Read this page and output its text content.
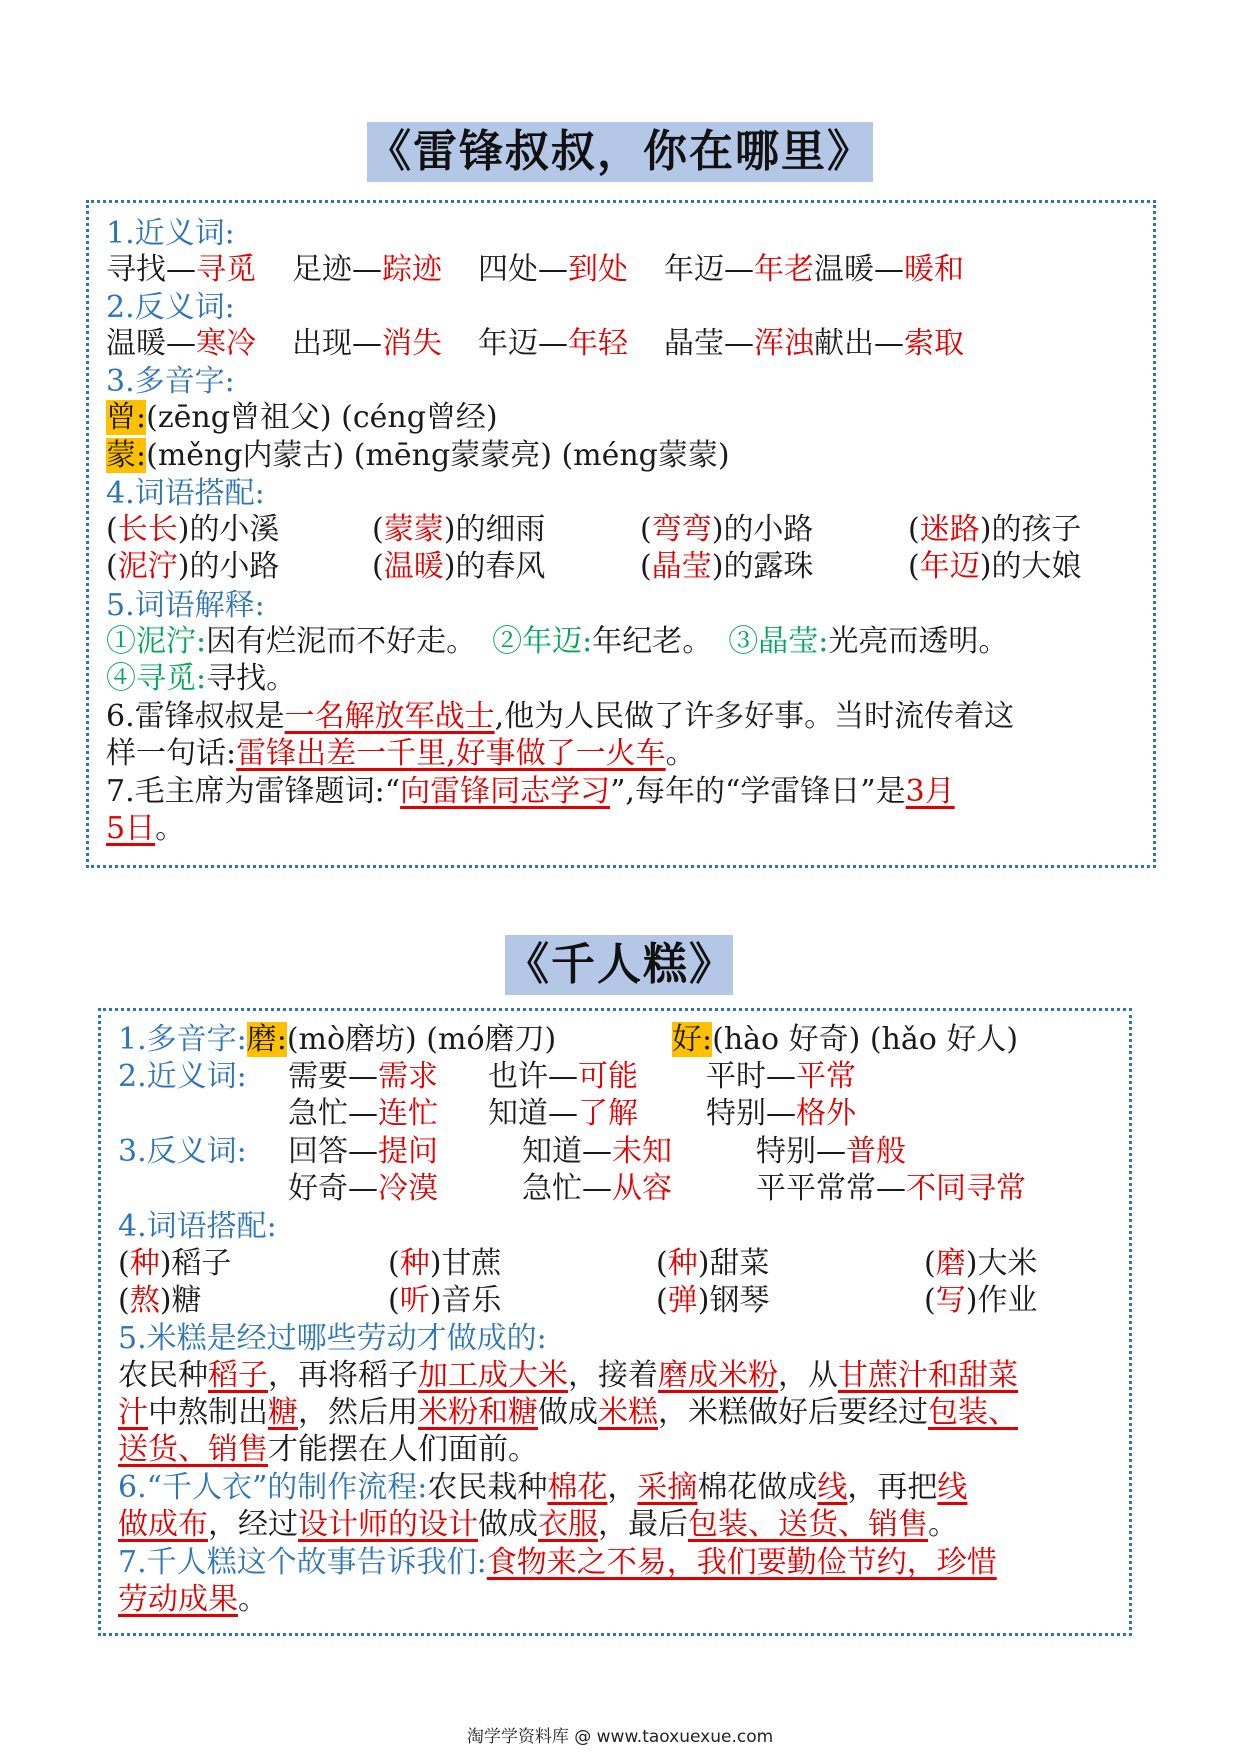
《雷锋叔叔，你在哪里》
1.近义词:
寻找—寻觅 足迹—踪迹 四处—到处 年迈—年老温暖—暖和
2.反义词:
温暖—寒冷 出现—消失 年迈—年轻 晶莹—浑浊献出—索取
3.多音字:
曾:(zēng曾祖父) (céng曾经)
蒙:(měng内蒙古) (mēng蒙蒙亮) (méng蒙蒙)
4.词语搭配:
(长长)的小溪	(蒙蒙)的细雨	(弯弯)的小路	(迷路)的孩子
(泥泞)的小路	(温暖)的春风	(晶莹)的露珠	(年迈)的大娘
5.词语解释:
①泥泞:因有烂泥而不好走。 ②年迈:年纪老。 ③晶莹:光亮而透明。
④寻觅:寻找。
6.雷锋叔叔是一名解放军战士,他为人民做了许多好事。当时流传着这
样一句话:雷锋出差一千里,好事做了一火车。
7.毛主席为雷锋题词:“向雷锋同志学习”,每年的“学雷锋日”是3月
5日。
《千人糕》
1.多音字:磨:(mò磨坊) (mó磨刀)	好:(hào 好奇) (hǎo 好人)
2.近义词: 需要—需求 也许—可能 平时—平常
急忙—连忙 知道—了解 特别—格外
3.反义词: 回答—提问	知道—未知	特别—普般
好奇—冷漠	急忙—从容	平平常常—不同寻常
4.词语搭配:
(种)稻子	(种)甘蔗	(种)甜菜	(磨)大米
(熬)糖	(听)音乐	(弹)钢琴	(写)作业
5.米糕是经过哪些劳动才做成的:
农民种稻子，再将稻子加工成大米，接着磨成米粉，从甘蔗汁和甜菜
汁中熬制出糖，然后用米粉和糖做成米糕，米糕做好后要经过包装、
送货、销售才能摆在人们面前。
6.“千人衣”的制作流程:农民栽种棉花，采摘棉花做成线，再把线
做成布，经过设计师的设计做成衣服，最后包装、送货、销售。
7.千人糕这个故事告诉我们:食物来之不易，我们要勤俭节约，珍惜
劳动成果。
淘学学资料库 @ www.taoxuexue.com
